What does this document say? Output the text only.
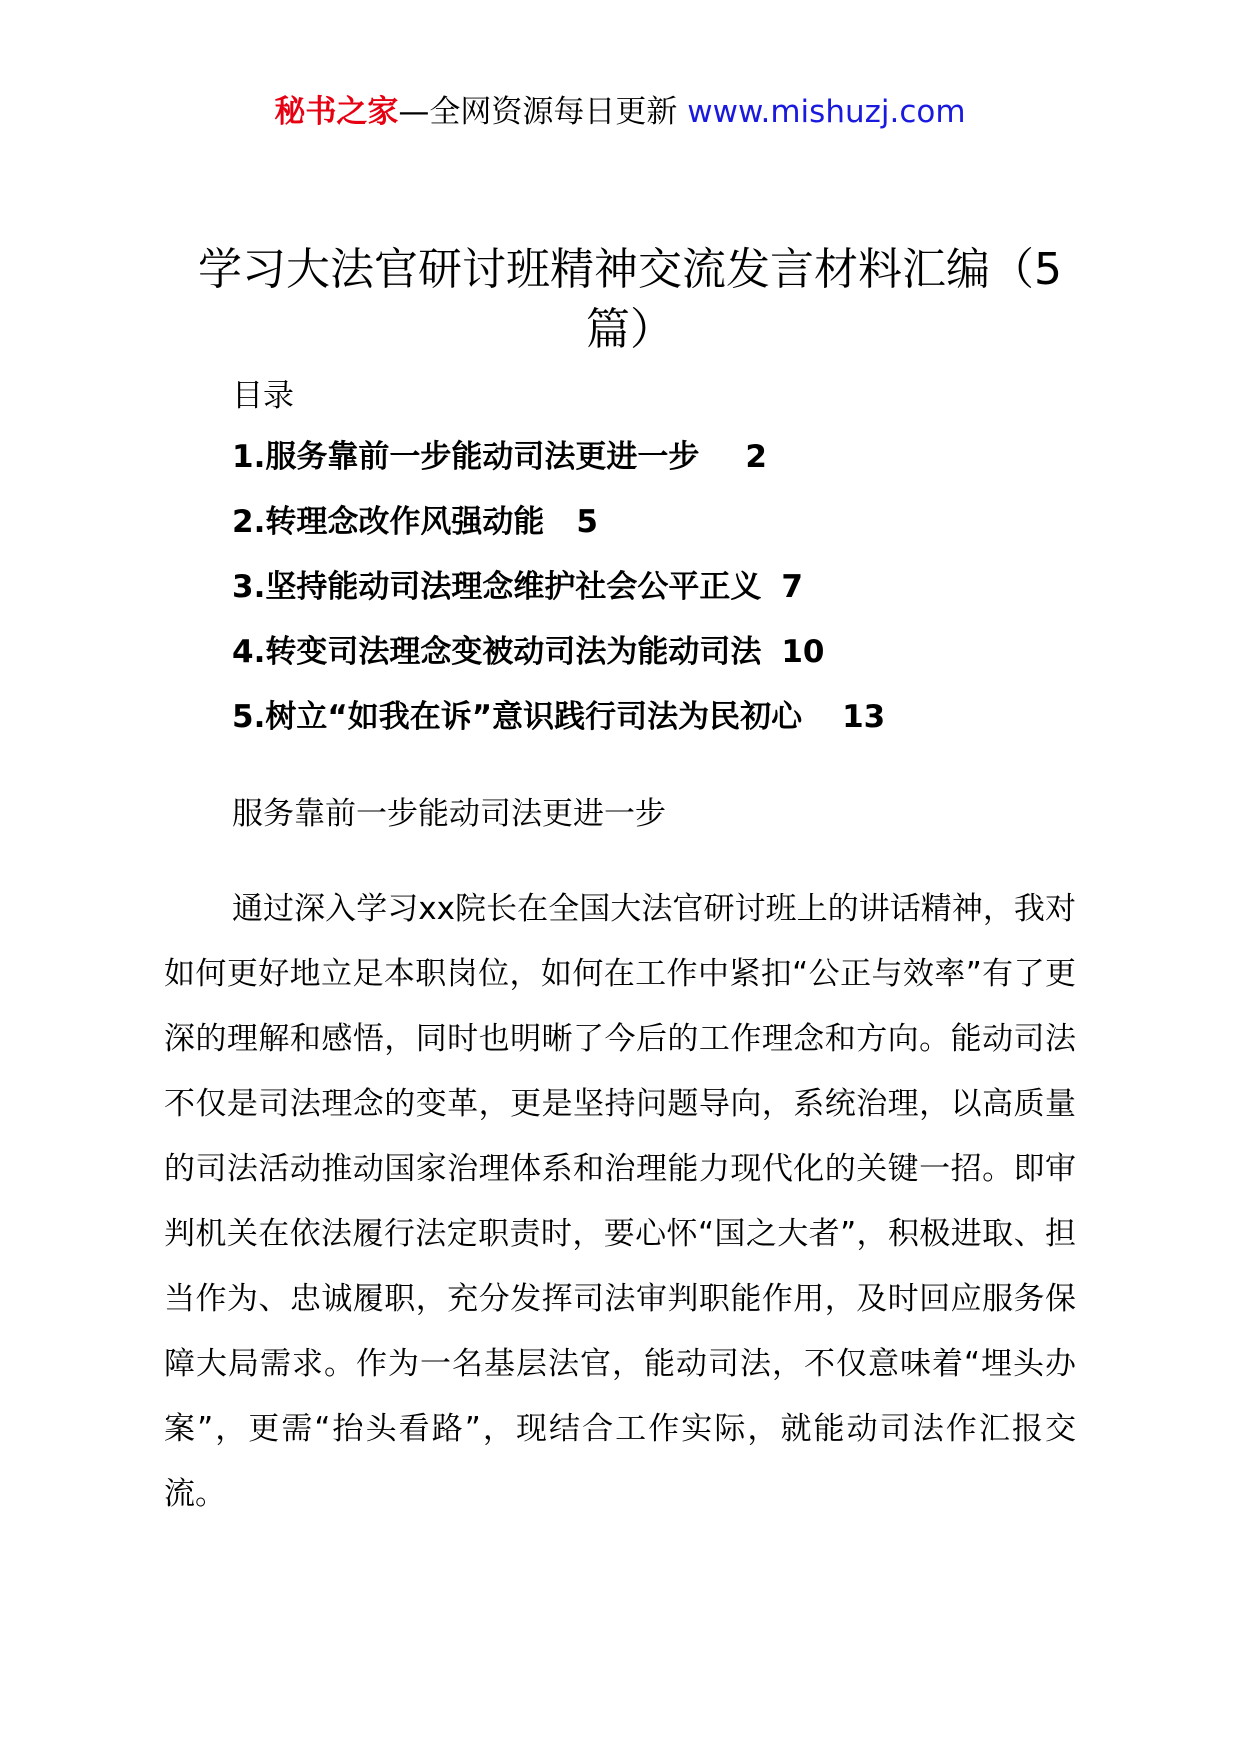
秘书之家—全网资源每日更新 www.mishuzj.com
学习大法官研讨班精神交流发言材料汇编（5篇）
目录
1.服务靠前一步能动司法更进一步 2
2.转理念改作风强动能 5
3.坚持能动司法理念维护社会公平正义 7
4.转变司法理念变被动司法为能动司法 10
5.树立“如我在诉”意识践行司法为民初心 13
服务靠前一步能动司法更进一步

通过深入学习xx院长在全国大法官研讨班上的讲话精神，我对如何更好地立足本职岗位，如何在工作中紧扣“公正与效率”有了更深的理解和感悟，同时也明晰了今后的工作理念和方向。能动司法不仅是司法理念的变革，更是坚持问题导向，系统治理，以高质量的司法活动推动国家治理体系和治理能力现代化的关键一招。即审判机关在依法履行法定职责时，要心怀“国之大者”，积极进取、担当作为、忠诚履职，充分发挥司法审判职能作用，及时回应服务保障大局需求。作为一名基层法官，能动司法，不仅意味着“埋头办案”，更需“抬头看路”，现结合工作实际，就能动司法作汇报交流。
